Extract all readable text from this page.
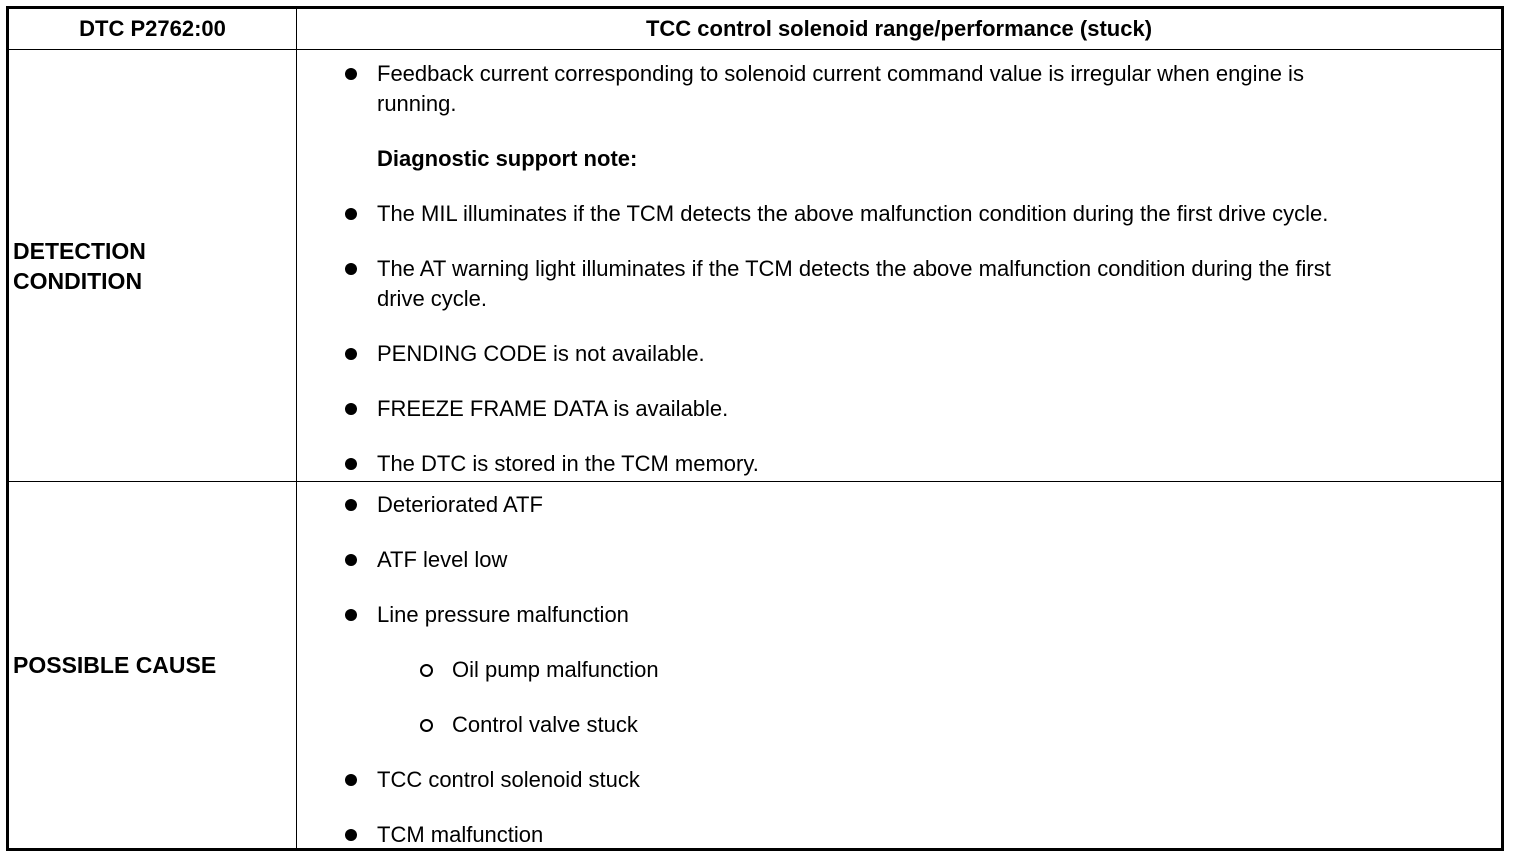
DTC P2762:00	TCC control solenoid range/performance (stuck)
DETECTION
CONDITION
Feedback current corresponding to solenoid current command value is irregular when engine is
running.
Diagnostic support note:
The MIL illuminates if the TCM detects the above malfunction condition during the first drive cycle.
The AT warning light illuminates if the TCM detects the above malfunction condition during the first
drive cycle.
PENDING CODE is not available.
FREEZE FRAME DATA is available.
The DTC is stored in the TCM memory.
POSSIBLE CAUSE
Deteriorated ATF
ATF level low
Line pressure malfunction
Oil pump malfunction
Control valve stuck
TCC control solenoid stuck
TCM malfunction
